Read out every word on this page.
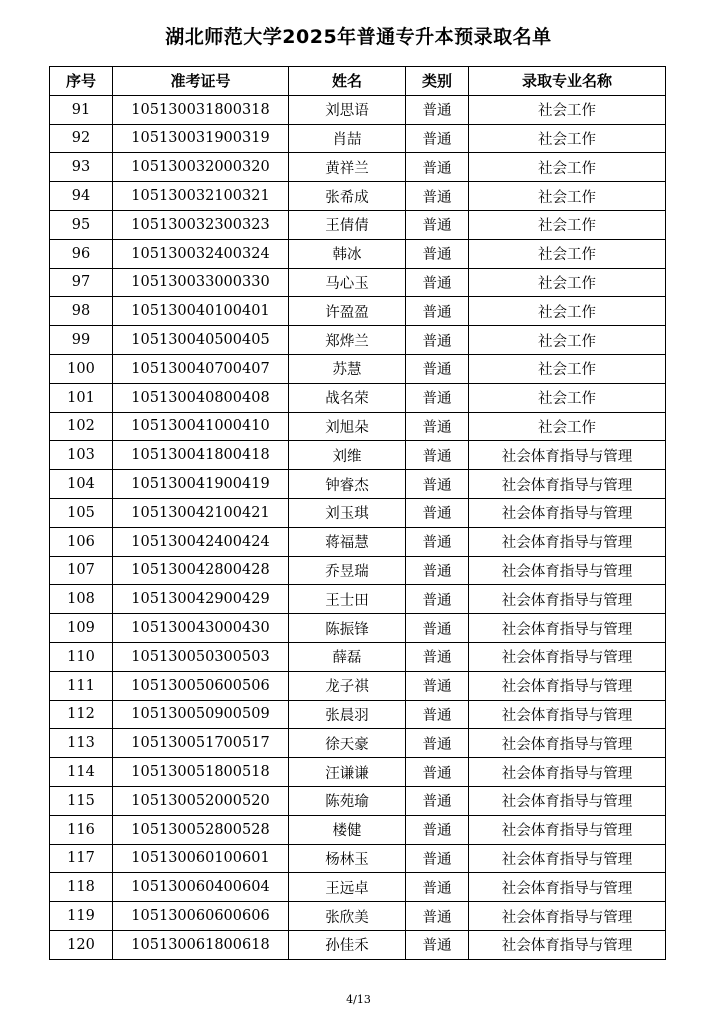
湖北师范大学2025年普通专升本预录取名单
序号	准考证号	姓名	类别	录取专业名称
91	105130031800318	刘思语	普通	社会工作
92	105130031900319	肖喆	普通	社会工作
93	105130032000320	黄祥兰	普通	社会工作
94	105130032100321	张希成	普通	社会工作
95	105130032300323	王倩倩	普通	社会工作
96	105130032400324	韩冰	普通	社会工作
97	105130033000330	马心玉	普通	社会工作
98	105130040100401	许盈盈	普通	社会工作
99	105130040500405	郑烨兰	普通	社会工作
100	105130040700407	苏慧	普通	社会工作
101	105130040800408	战名荣	普通	社会工作
102	105130041000410	刘旭朵	普通	社会工作
103	105130041800418	刘维	普通	社会体育指导与管理
104	105130041900419	钟睿杰	普通	社会体育指导与管理
105	105130042100421	刘玉琪	普通	社会体育指导与管理
106	105130042400424	蒋福慧	普通	社会体育指导与管理
107	105130042800428	乔昱瑞	普通	社会体育指导与管理
108	105130042900429	王士田	普通	社会体育指导与管理
109	105130043000430	陈振锋	普通	社会体育指导与管理
110	105130050300503	薛磊	普通	社会体育指导与管理
111	105130050600506	龙子祺	普通	社会体育指导与管理
112	105130050900509	张晨羽	普通	社会体育指导与管理
113	105130051700517	徐天豪	普通	社会体育指导与管理
114	105130051800518	汪谦谦	普通	社会体育指导与管理
115	105130052000520	陈苑瑜	普通	社会体育指导与管理
116	105130052800528	楼健	普通	社会体育指导与管理
117	105130060100601	杨林玉	普通	社会体育指导与管理
118	105130060400604	王远卓	普通	社会体育指导与管理
119	105130060600606	张欣美	普通	社会体育指导与管理
120	105130061800618	孙佳禾	普通	社会体育指导与管理
4/13
